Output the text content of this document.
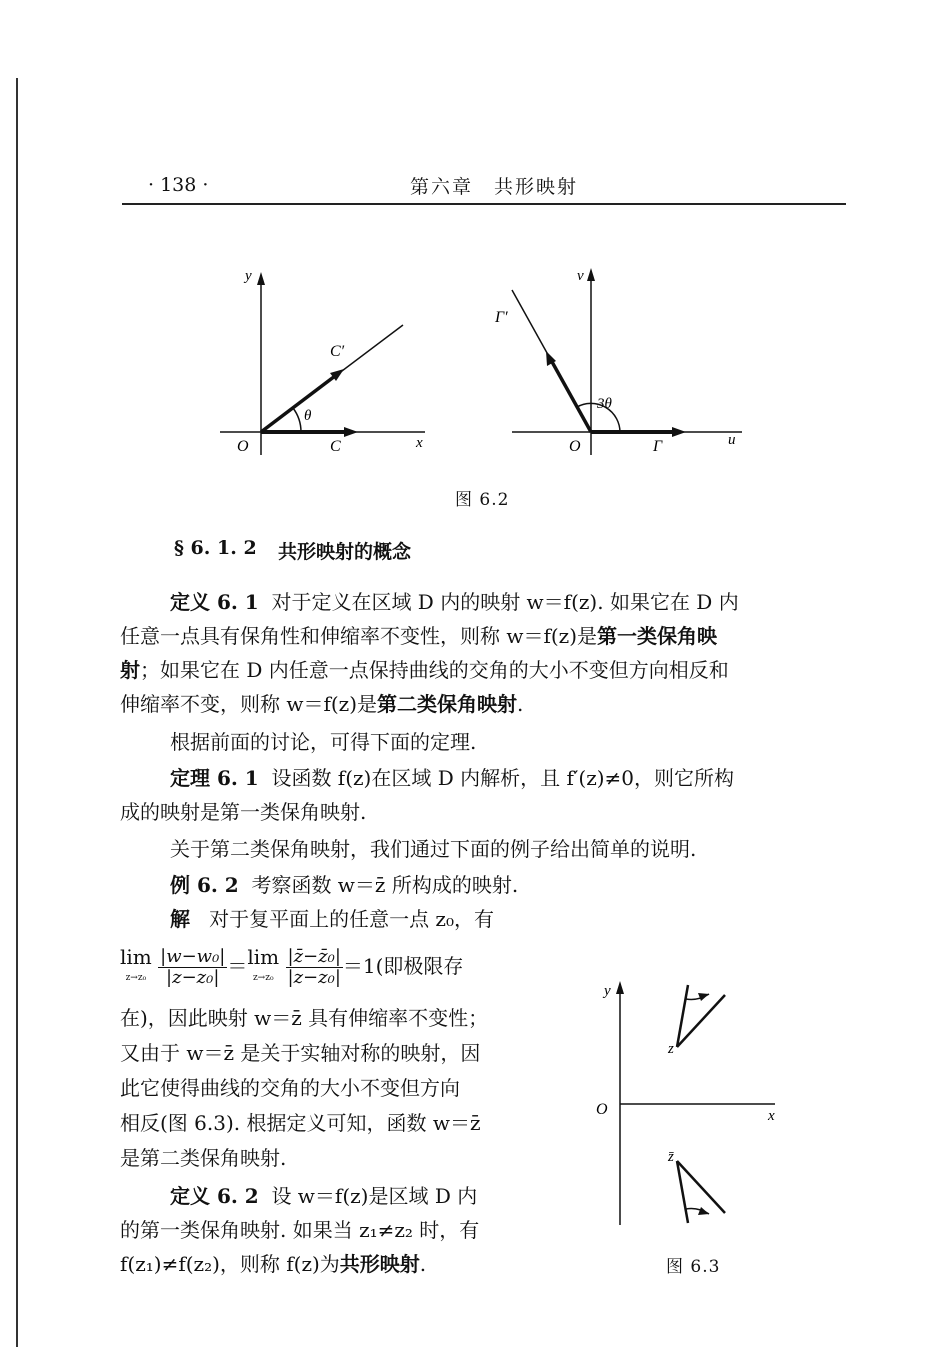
· 138 ·	第六章　共形映射
y
x
O	C
C′
θ
v
u
O	Γ
Γ′
3θ
图 6.2
§ 6. 1. 2 共形映射的概念
定义 6. 1 对于定义在区域 D 内的映射 w＝f(z). 如果它在 D 内
任意一点具有保角性和伸缩率不变性，则称 w＝f(z)是第一类保角映
射；如果它在 D 内任意一点保持曲线的交角的大小不变但方向相反和
伸缩率不变，则称 w＝f(z)是第二类保角映射.
根据前面的讨论，可得下面的定理.
定理 6. 1 设函数 f(z)在区域 D 内解析，且 f′(z)≠0，则它所构
成的映射是第一类保角映射.
关于第二类保角映射，我们通过下面的例子给出简单的说明.
例 6. 2 考察函数 w＝z̄ 所构成的映射.
解 对于复平面上的任意一点 z₀，有
lim
$z\to z_0 \frac{\text{|w−w₀|}}{\text{|z−z₀|}} =\lim$
$z\to z_0 \frac{\text{|z̄−z̄₀|}}{\text{|z−z₀|}} =1$(即极限存
在)，因此映射 w＝z̄ 具有伸缩率不变性；
又由于 w＝z̄ 是关于实轴对称的映射，因
此它使得曲线的交角的大小不变但方向
相反(图 6.3). 根据定义可知，函数 w＝z̄
是第二类保角映射.
定义 6. 2 设 w＝f(z)是区域 D 内
的第一类保角映射. 如果当 z₁≠z₂ 时，有
f(z₁)≠f(z₂)，则称 f(z)为共形映射.
y
x
O
z
z̄
图 6.3
